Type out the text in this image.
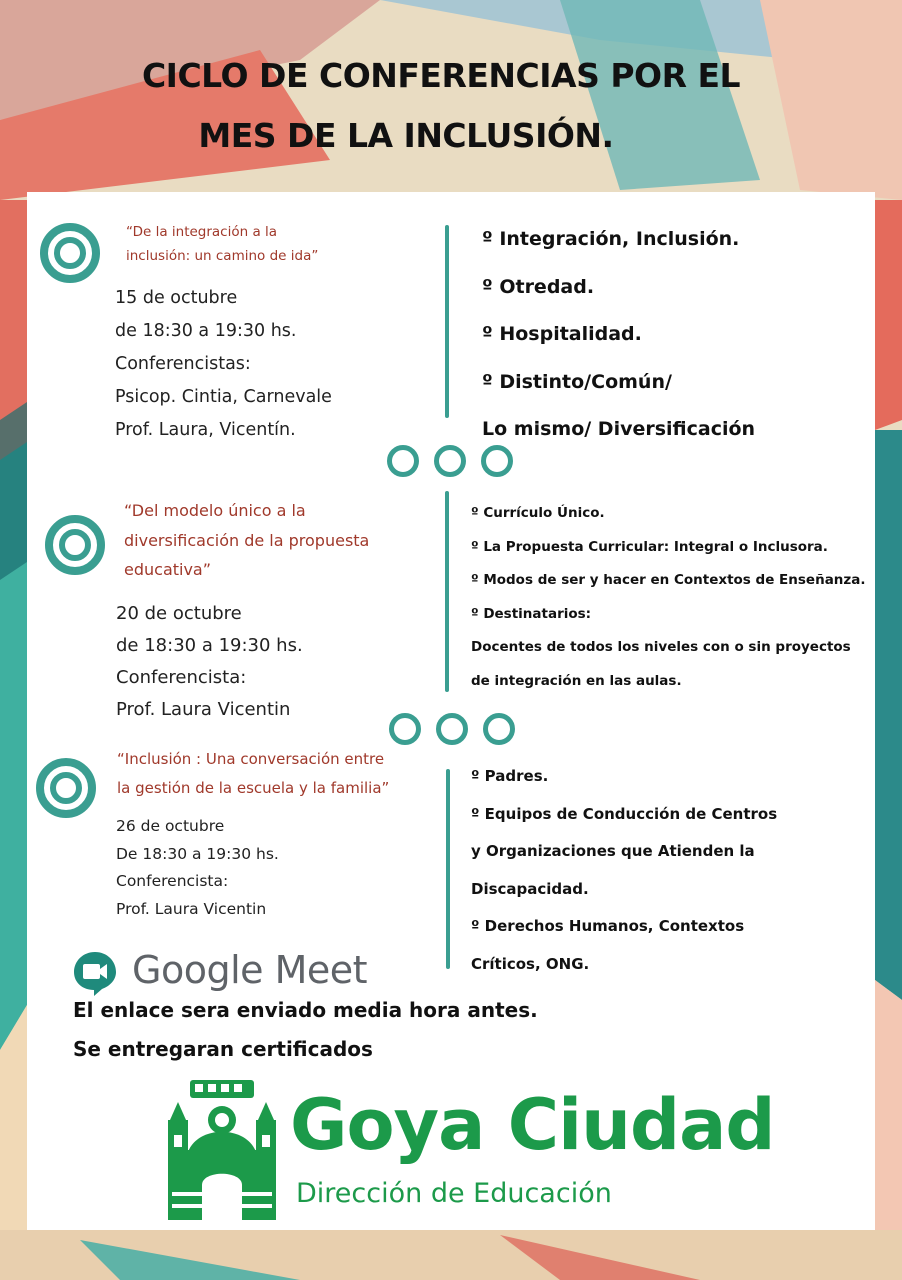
CICLO DE CONFERENCIAS POR EL
MES DE LA INCLUSIÓN.
“De la integración a la
inclusión: un camino de ida”
15 de octubre
de 18:30 a 19:30 hs.
Conferencistas:
Psicop. Cintia, Carnevale
Prof. Laura, Vicentín.
º Integración, Inclusión.
º Otredad.
º Hospitalidad.
º Distinto/Común/
Lo mismo/ Diversificación
“Del modelo único a la
diversificación de la propuesta
educativa”
20 de octubre
de 18:30 a 19:30 hs.
Conferencista:
Prof. Laura Vicentin
º Currículo Único.
º La Propuesta Curricular: Integral o Inclusora.
º Modos de ser y hacer en Contextos de Enseñanza.
º Destinatarios:
Docentes de todos los niveles con o sin proyectos
de integración en las aulas.
“Inclusión : Una conversación entre
la gestión de la escuela y la familia”
26 de octubre
De 18:30 a 19:30 hs.
Conferencista:
Prof. Laura Vicentin
º Padres.
º Equipos de Conducción de Centros
y Organizaciones que Atienden la
Discapacidad.
º Derechos Humanos, Contextos
Críticos, ONG.
Google Meet
El enlace sera enviado media hora antes.
Se entregaran certificados
Goya Ciudad
Dirección de Educación
